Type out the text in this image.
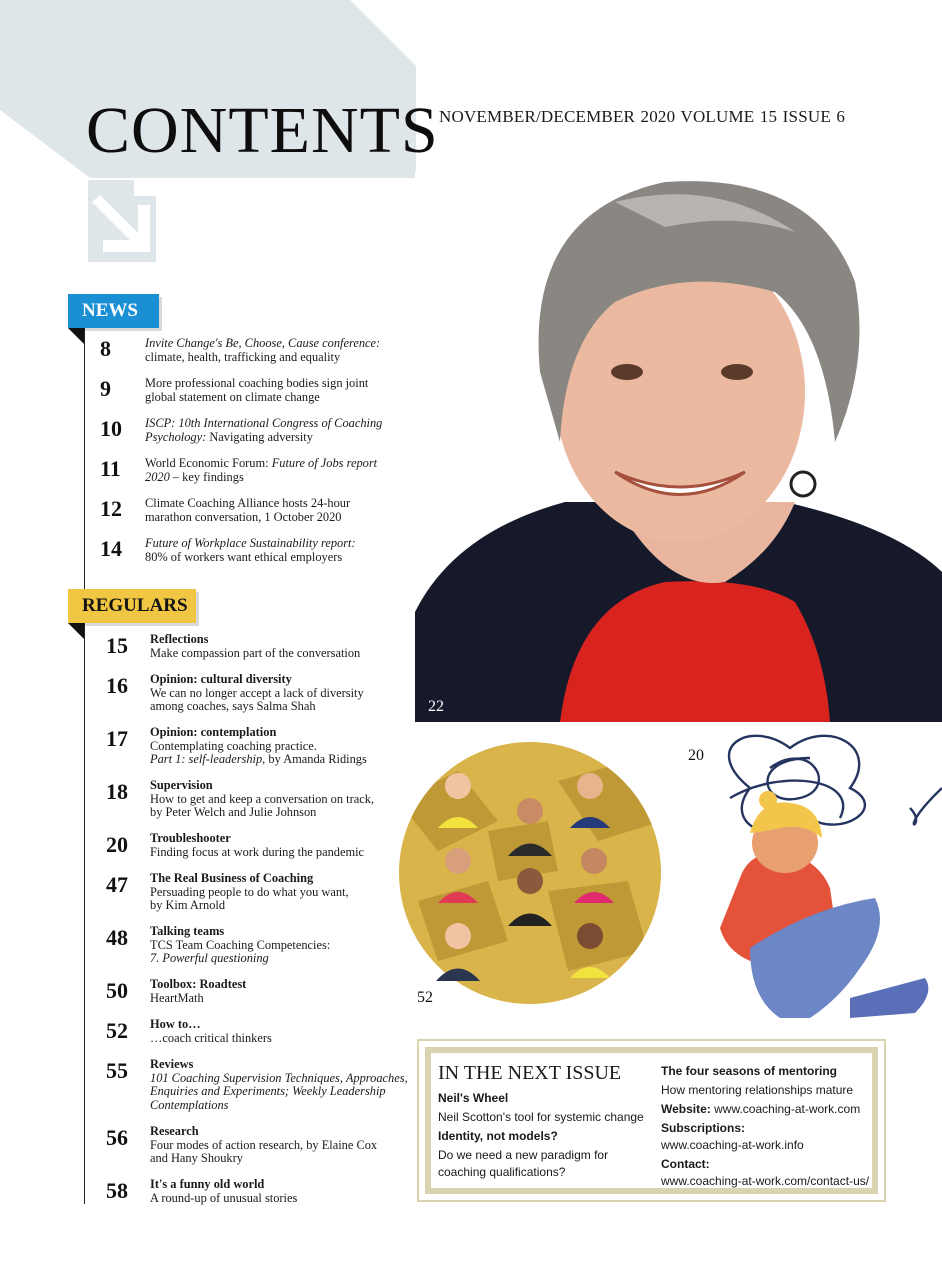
CONTENTS NOVEMBER/DECEMBER 2020 VOLUME 15 ISSUE 6
NEWS
8	Invite Change's Be, Choose, Cause conference:
climate, health, trafficking and equality
9	More professional coaching bodies sign joint
global statement on climate change
10 ISCP: 10th International Congress of Coaching
Psychology: Navigating adversity
11 World Economic Forum: Future of Jobs report
2020 – key findings
12 Climate Coaching Alliance hosts 24-hour
marathon conversation, 1 October 2020
14 Future of Workplace Sustainability report:
80% of workers want ethical employers
REGULARS
15 Reflections
Make compassion part of the conversation
16 Opinion: cultural diversity
We can no longer accept a lack of diversity
among coaches, says Salma Shah
17 Opinion: contemplation
Contemplating coaching practice.
Part 1: self-leadership, by Amanda Ridings
18 Supervision
How to get and keep a conversation on track,
by Peter Welch and Julie Johnson
20 Troubleshooter
Finding focus at work during the pandemic
47 The Real Business of Coaching
Persuading people to do what you want,
by Kim Arnold
48 Talking teams
TCS Team Coaching Competencies:
7. Powerful questioning
50 Toolbox: Roadtest
HeartMath
52 How to…
…coach critical thinkers
55 Reviews
101 Coaching Supervision Techniques, Approaches,
Enquiries and Experiments; Weekly Leadership
Contemplations
56 Research
Four modes of action research, by Elaine Cox
and Hany Shoukry
58 It's a funny old world
A round-up of unusual stories
22
20
52
IN THE NEXT ISSUE
Neil's Wheel
Neil Scotton's tool for systemic change
Identity, not models?
Do we need a new paradigm for
coaching qualifications?
The four seasons of mentoring
How mentoring relationships mature
Website: www.coaching-at-work.com
Subscriptions:
www.coaching-at-work.info
Contact:
www.coaching-at-work.com/contact-us/
